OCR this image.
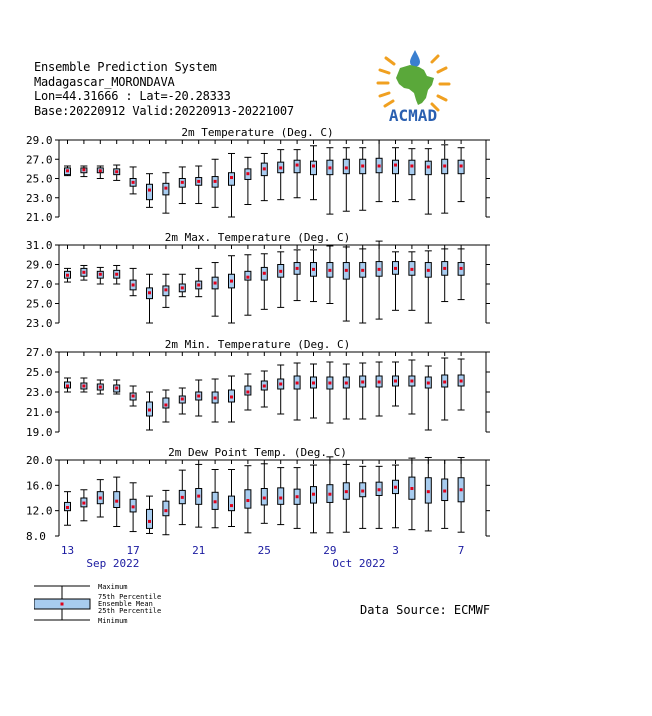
Ensemble Prediction System
Madagascar_MORONDAVA
Lon=44.31666 : Lat=-20.28333
Base:20220912 Valid:20220913-20221007	ACMAD
2m Temperature (Deg. C)
29.0
27.0
25.0
23.0
21.0
2m Max. Temperature (Deg. C)
31.0
29.0
27.0
25.0
23.0
2m Min. Temperature (Deg. C)
27.0
25.0
23.0
21.0
19.0
2m Dew Point Temp. (Deg. C)
20.0
16.0
12.0
8.0
13	17	21	25	29	3	7
Sep 2022	Oct 2022
Maximum
75th Percentile
Ensemble Mean
25th Percentile
Minimum
Data Source: ECMWF
